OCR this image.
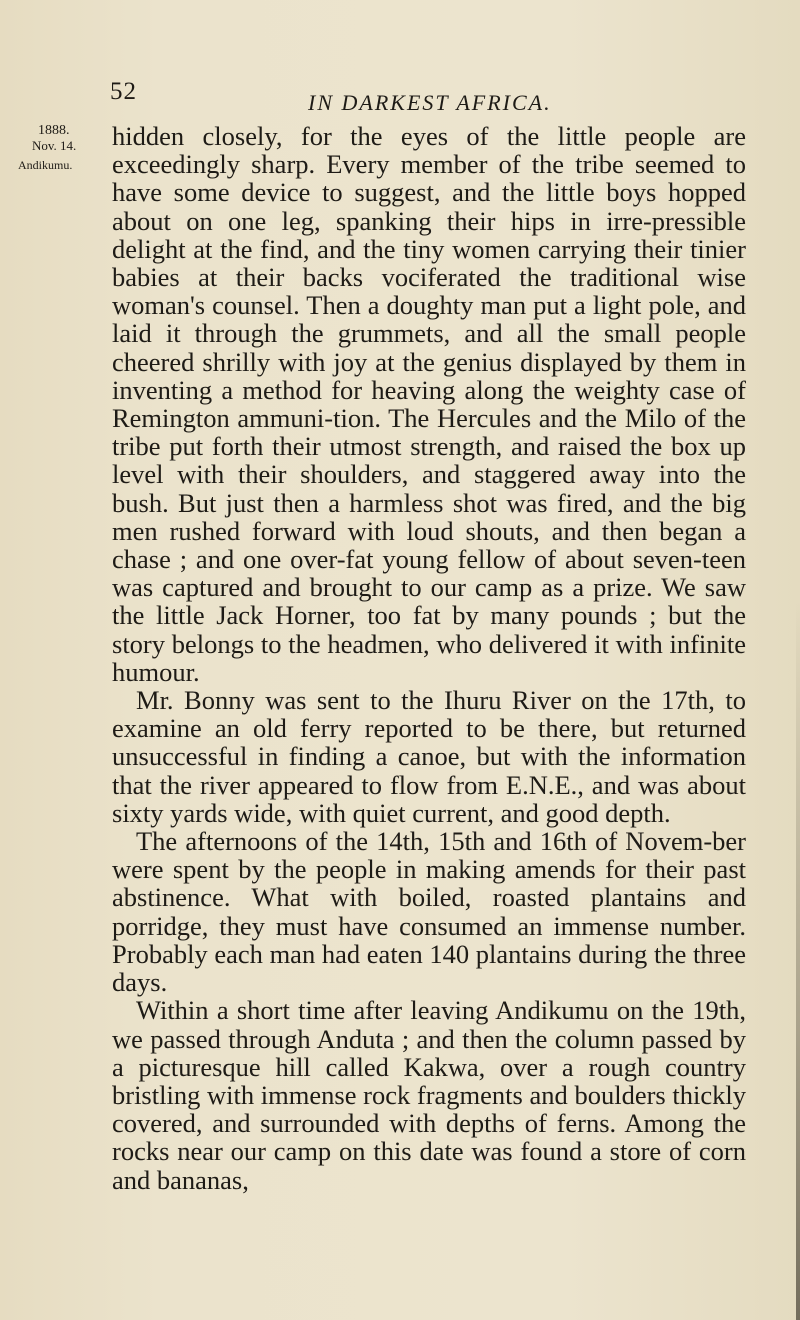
52	IN DARKEST AFRICA.
1888.
Nov. 14.
Andikumu.

hidden closely, for the eyes of the little people are exceedingly sharp. Every member of the tribe seemed to have some device to suggest, and the little boys hopped about on one leg, spanking their hips in irre-pressible delight at the find, and the tiny women carrying their tinier babies at their backs vociferated the traditional wise woman's counsel. Then a doughty man put a light pole, and laid it through the grummets, and all the small people cheered shrilly with joy at the genius displayed by them in inventing a method for heaving along the weighty case of Remington ammuni-tion. The Hercules and the Milo of the tribe put forth their utmost strength, and raised the box up level with their shoulders, and staggered away into the bush. But just then a harmless shot was fired, and the big men rushed forward with loud shouts, and then began a chase ; and one over-fat young fellow of about seven-teen was captured and brought to our camp as a prize. We saw the little Jack Horner, too fat by many pounds ; but the story belongs to the headmen, who delivered it with infinite humour.

Mr. Bonny was sent to the Ihuru River on the 17th, to examine an old ferry reported to be there, but returned unsuccessful in finding a canoe, but with the information that the river appeared to flow from E.N.E., and was about sixty yards wide, with quiet current, and good depth.

The afternoons of the 14th, 15th and 16th of Novem-ber were spent by the people in making amends for their past abstinence. What with boiled, roasted plantains and porridge, they must have consumed an immense number. Probably each man had eaten 140 plantains during the three days.

Within a short time after leaving Andikumu on the 19th, we passed through Anduta ; and then the column passed by a picturesque hill called Kakwa, over a rough country bristling with immense rock fragments and boulders thickly covered, and surrounded with depths of ferns. Among the rocks near our camp on this date was found a store of corn and bananas,
